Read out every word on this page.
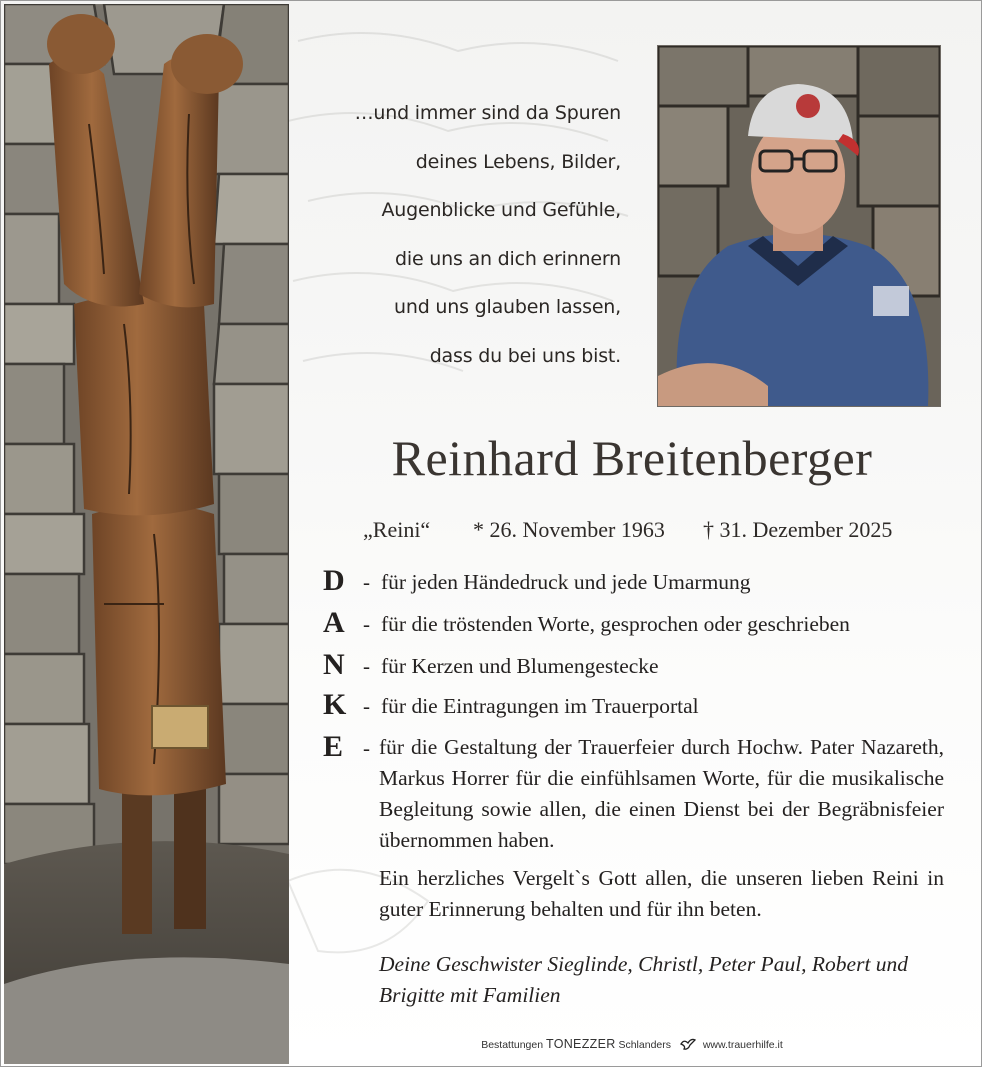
…und immer sind da Spuren
deines Lebens, Bilder,
Augenblicke und Gefühle,
die uns an dich erinnern
und uns glauben lassen,
dass du bei uns bist.
Reinhard Breitenberger
„Reini“ * 26. November 1963 † 31. Dezember 2025
D - für jeden Händedruck und jede Umarmung
A - für die tröstenden Worte, gesprochen oder geschrieben
N - für Kerzen und Blumengestecke
K - für die Eintragungen im Trauerportal
E - für die Gestaltung der Trauerfeier durch Hochw. Pater Nazareth, Markus Horrer für die einfühlsamen Worte, für die musikalische Begleitung sowie allen, die einen Dienst bei der Begräbnisfeier übernommen haben.
Ein herzliches Vergelt`s Gott allen, die unseren lieben Reini in guter Erinnerung behalten und für ihn beten.
Deine Geschwister Sieglinde, Christl, Peter Paul, Robert und Brigitte mit Familien
Bestattungen TONEZZER Schlanders	www.trauerhilfe.it
